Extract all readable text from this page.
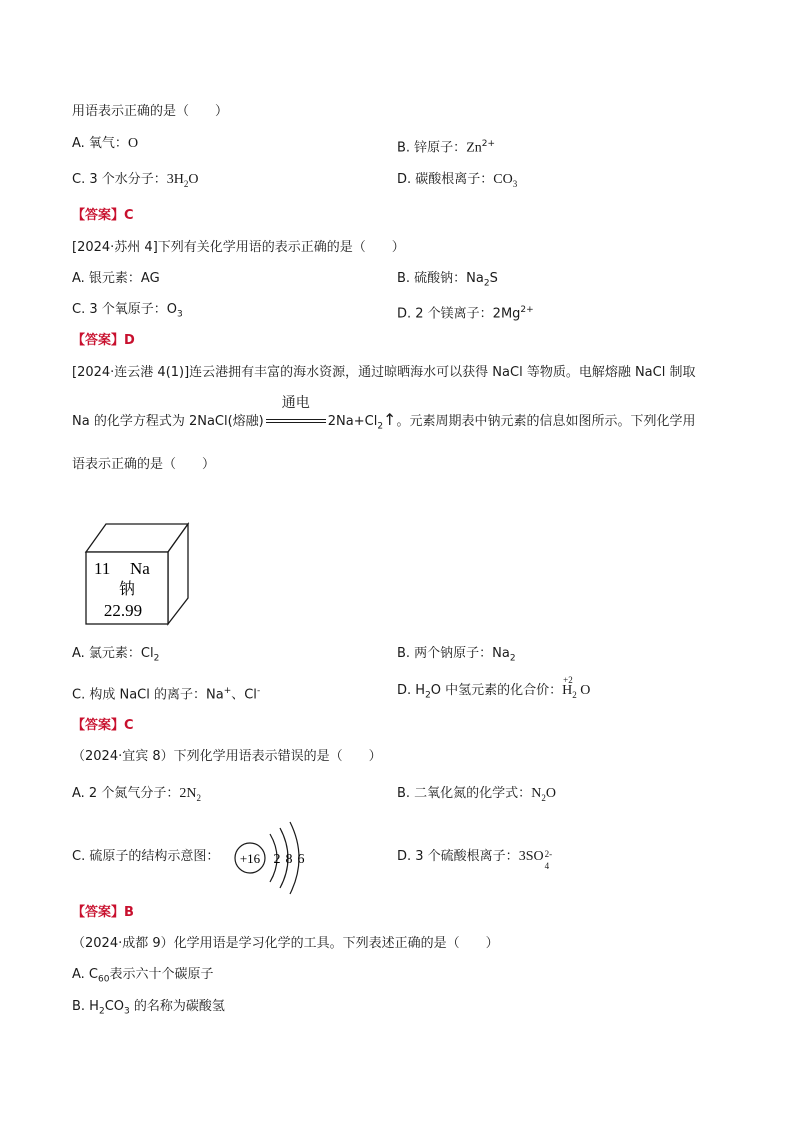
用语表示正确的是（　　）
A. 氧气：O	B. 锌原子：$Zn^{2+}$
C. 3 个水分子：$3H_2O$	D. 碳酸根离子：$CO_3$
【答案】C
[2024·苏州 4]下列有关化学用语的表示正确的是（　　）
A. 银元素：AG	B. 硫酸钠：$Na_2S$
C. 3 个氧原子：$O_3$	D. 2 个镁离子：$2Mg^{2+}$
【答案】D
[2024·连云港 4(1)]连云港拥有丰富的海水资源，通过晾晒海水可以获得 NaCl 等物质。电解熔融 NaCl 制取
Na 的化学方程式为 2NaCl(熔融)
通电
$2Na+Cl_2↑$。元素周期表中钠元素的信息如图所示。下列化学用
语表示正确的是（　　）
11 Na
钠
22.99
A. 氯元素：$Cl_2$	B. 两个钠原子：$Na_2$
C. 构成 NaCl 的离子：Na+、Cl-	D. $H_2O$ 中氢元素的化合价：
+2
$H_2$ O
【答案】C
（2024·宜宾 8）下列化学用语表示错误的是（　　）
A. 2 个氮气分子：$2N_2$	B. 二氧化氮的化学式：$N_2O$
C. 硫原子的结构示意图： +16 2 8 6	D. 3 个硫酸根离子：3SO 2-
4
【答案】B
（2024·成都 9）化学用语是学习化学的工具。下列表述正确的是（　　）
A. $C_{60}$表示六十个碳原子
B. $H_2CO_3$ 的名称为碳酸氢
